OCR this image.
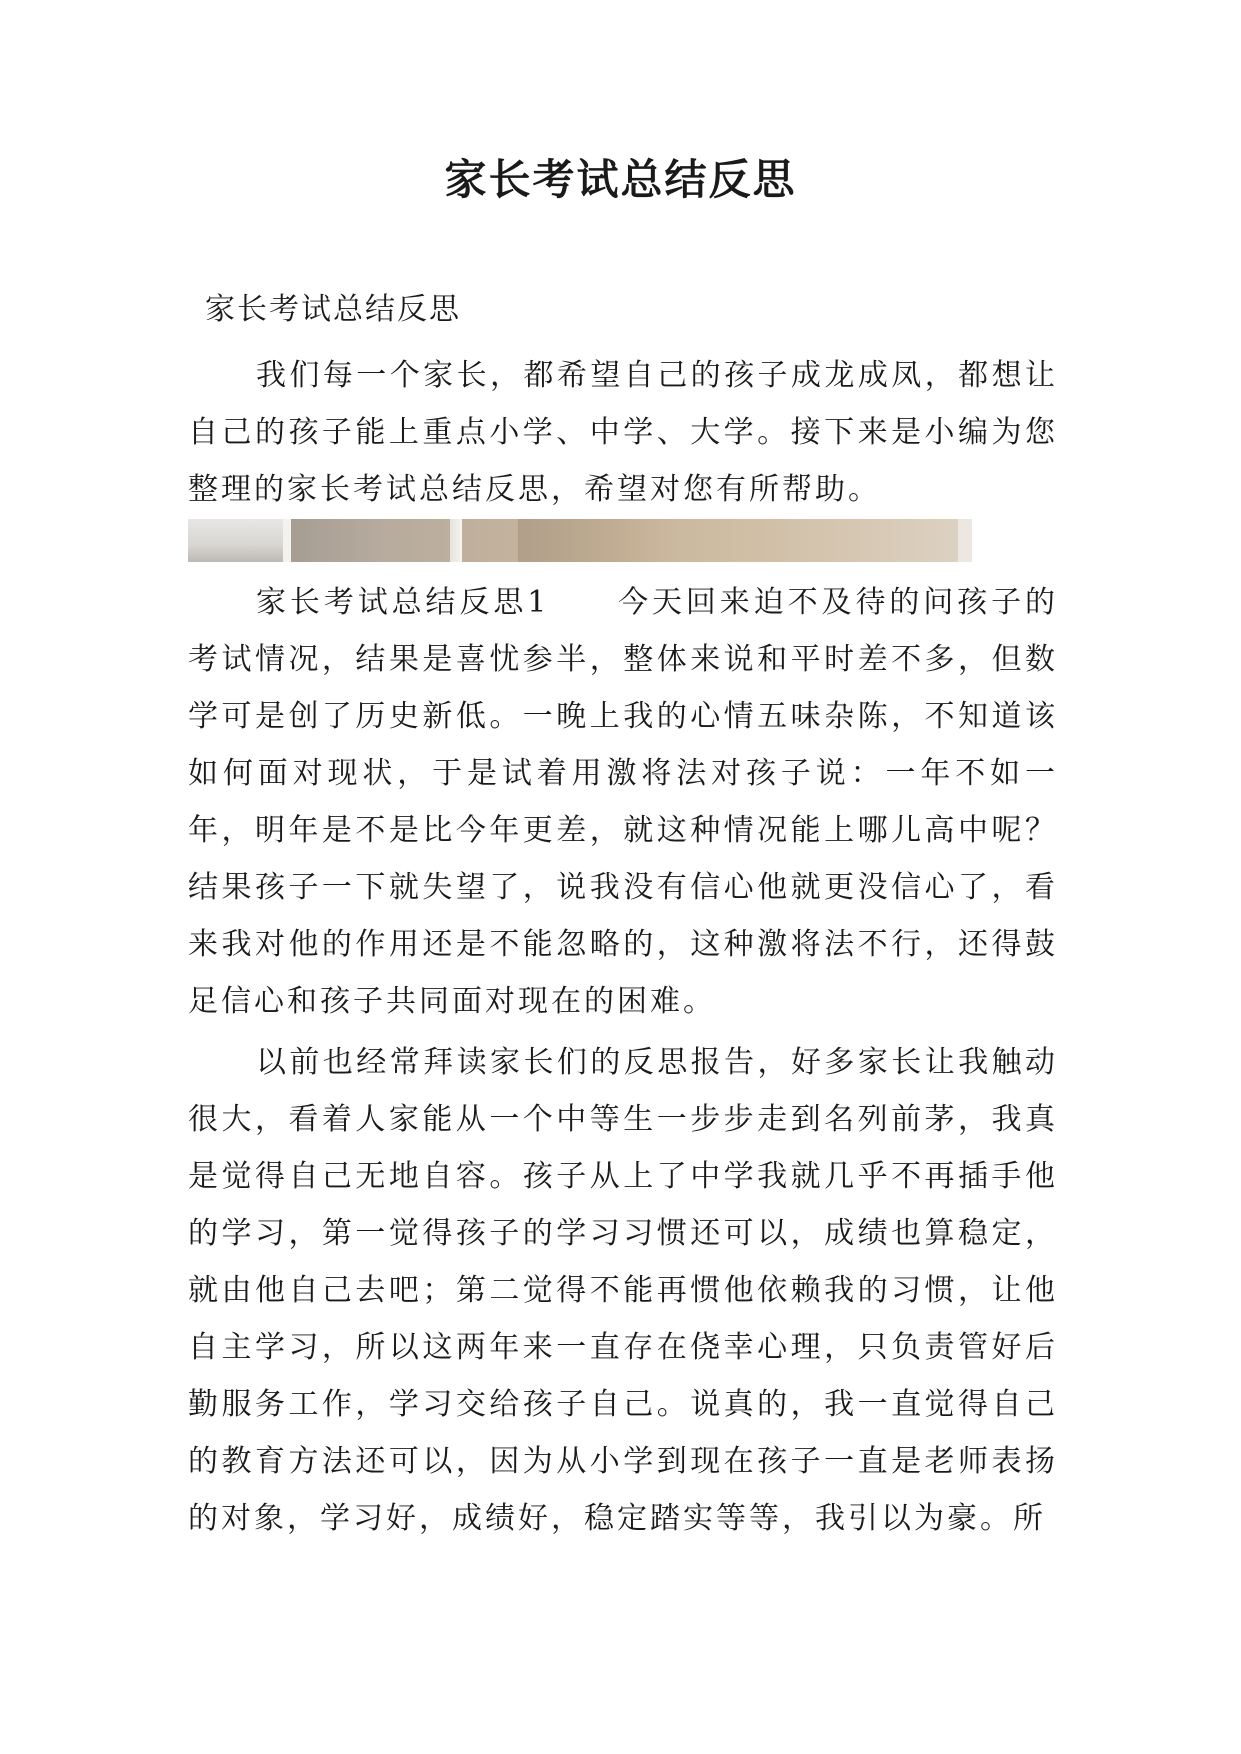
家长考试总结反思

家长考试总结反思

我们每一个家长，都希望自己的孩子成龙成凤，都想让自己的孩子能上重点小学、中学、大学。接下来是小编为您整理的家长考试总结反思，希望对您有所帮助。

家长考试总结反思1　　今天回来迫不及待的问孩子的考试情况，结果是喜忧参半，整体来说和平时差不多，但数学可是创了历史新低。一晚上我的心情五味杂陈，不知道该如何面对现状，于是试着用激将法对孩子说：一年不如一年，明年是不是比今年更差，就这种情况能上哪儿高中呢？结果孩子一下就失望了，说我没有信心他就更没信心了，看来我对他的作用还是不能忽略的，这种激将法不行，还得鼓足信心和孩子共同面对现在的困难。

以前也经常拜读家长们的反思报告，好多家长让我触动很大，看着人家能从一个中等生一步步走到名列前茅，我真是觉得自己无地自容。孩子从上了中学我就几乎不再插手他的学习，第一觉得孩子的学习习惯还可以，成绩也算稳定，就由他自己去吧；第二觉得不能再惯他依赖我的习惯，让他自主学习，所以这两年来一直存在侥幸心理，只负责管好后勤服务工作，学习交给孩子自己。说真的，我一直觉得自己的教育方法还可以，因为从小学到现在孩子一直是老师表扬的对象，学习好，成绩好，稳定踏实等等，我引以为豪。所
